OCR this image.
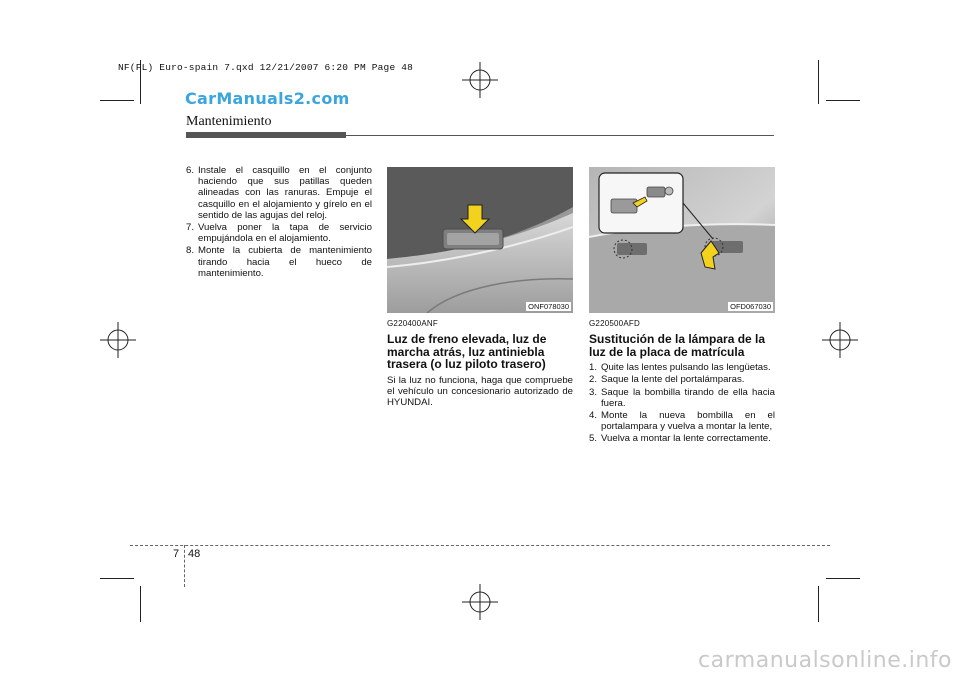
NF(FL) Euro-spain 7.qxd 12/21/2007 6:20 PM Page 48
CarManuals2.com
Mantenimiento
6. Instale el casquillo en el conjunto haciendo que sus patillas queden alineadas con las ranuras. Empuje el casquillo en el alojamiento y gírelo en el sentido de las agujas del reloj.
7. Vuelva poner la tapa de servicio empujándola en el alojamiento.
8. Monte la cubierta de mantenimiento tirando hacia el hueco de mantenimiento.
ONF078030	OFD067030
G220400ANF
Luz de freno elevada, luz de marcha atrás, luz antiniebla trasera (o luz piloto trasero)
Si la luz no funciona, haga que compruebe el vehículo un concesionario autorizado de HYUNDAI.
G220500AFD
Sustitución de la lámpara de la luz de la placa de matrícula
1. Quite las lentes pulsando las lengüetas.
2. Saque la lente del portalámparas.
3. Saque la bombilla tirando de ella hacia fuera.
4. Monte la nueva bombilla en el portalampara y vuelva a montar la lente,
5. Vuelva a montar la lente correctamente.
7 48
carmanualsonline.info
